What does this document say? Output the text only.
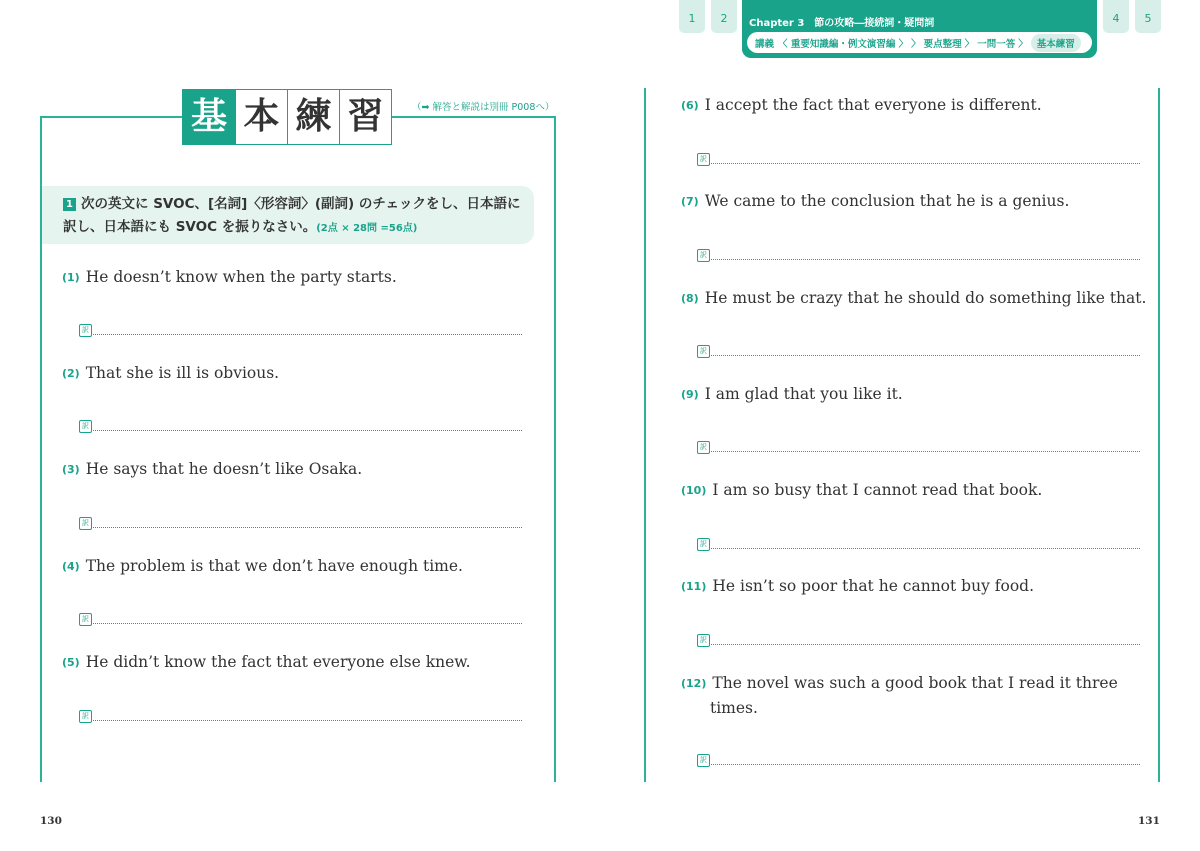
1	2	Chapter 3　節の攻略―接続詞・疑問詞
講義 〈 重要知識編・例文演習編 〉 〉 要点整理 〉 一問一答 〉 基本練習
4	5
基 本 練 習	（➡ 解答と解説は別冊 P008へ）
1 次の英文に SVOC、[名詞]〈形容詞〉(副詞) のチェックをし、日本語に
訳し、日本語にも SVOC を振りなさい。(2点 × 28問 =56点)
(1) He doesn’t know when the party starts.
訳
(2) That she is ill is obvious.
訳
(3) He says that he doesn’t like Osaka.
訳
(4) The problem is that we don’t have enough time.
訳
(5) He didn’t know the fact that everyone else knew.
訳
(6) I accept the fact that everyone is different.
訳
(7) We came to the conclusion that he is a genius.
訳
(8) He must be crazy that he should do something like that.
訳
(9) I am glad that you like it.
訳
(10) I am so busy that I cannot read that book.
訳
(11) He isn’t so poor that he cannot buy food.
訳
(12) The novel was such a good book that I read it three
times.
訳
130	131
